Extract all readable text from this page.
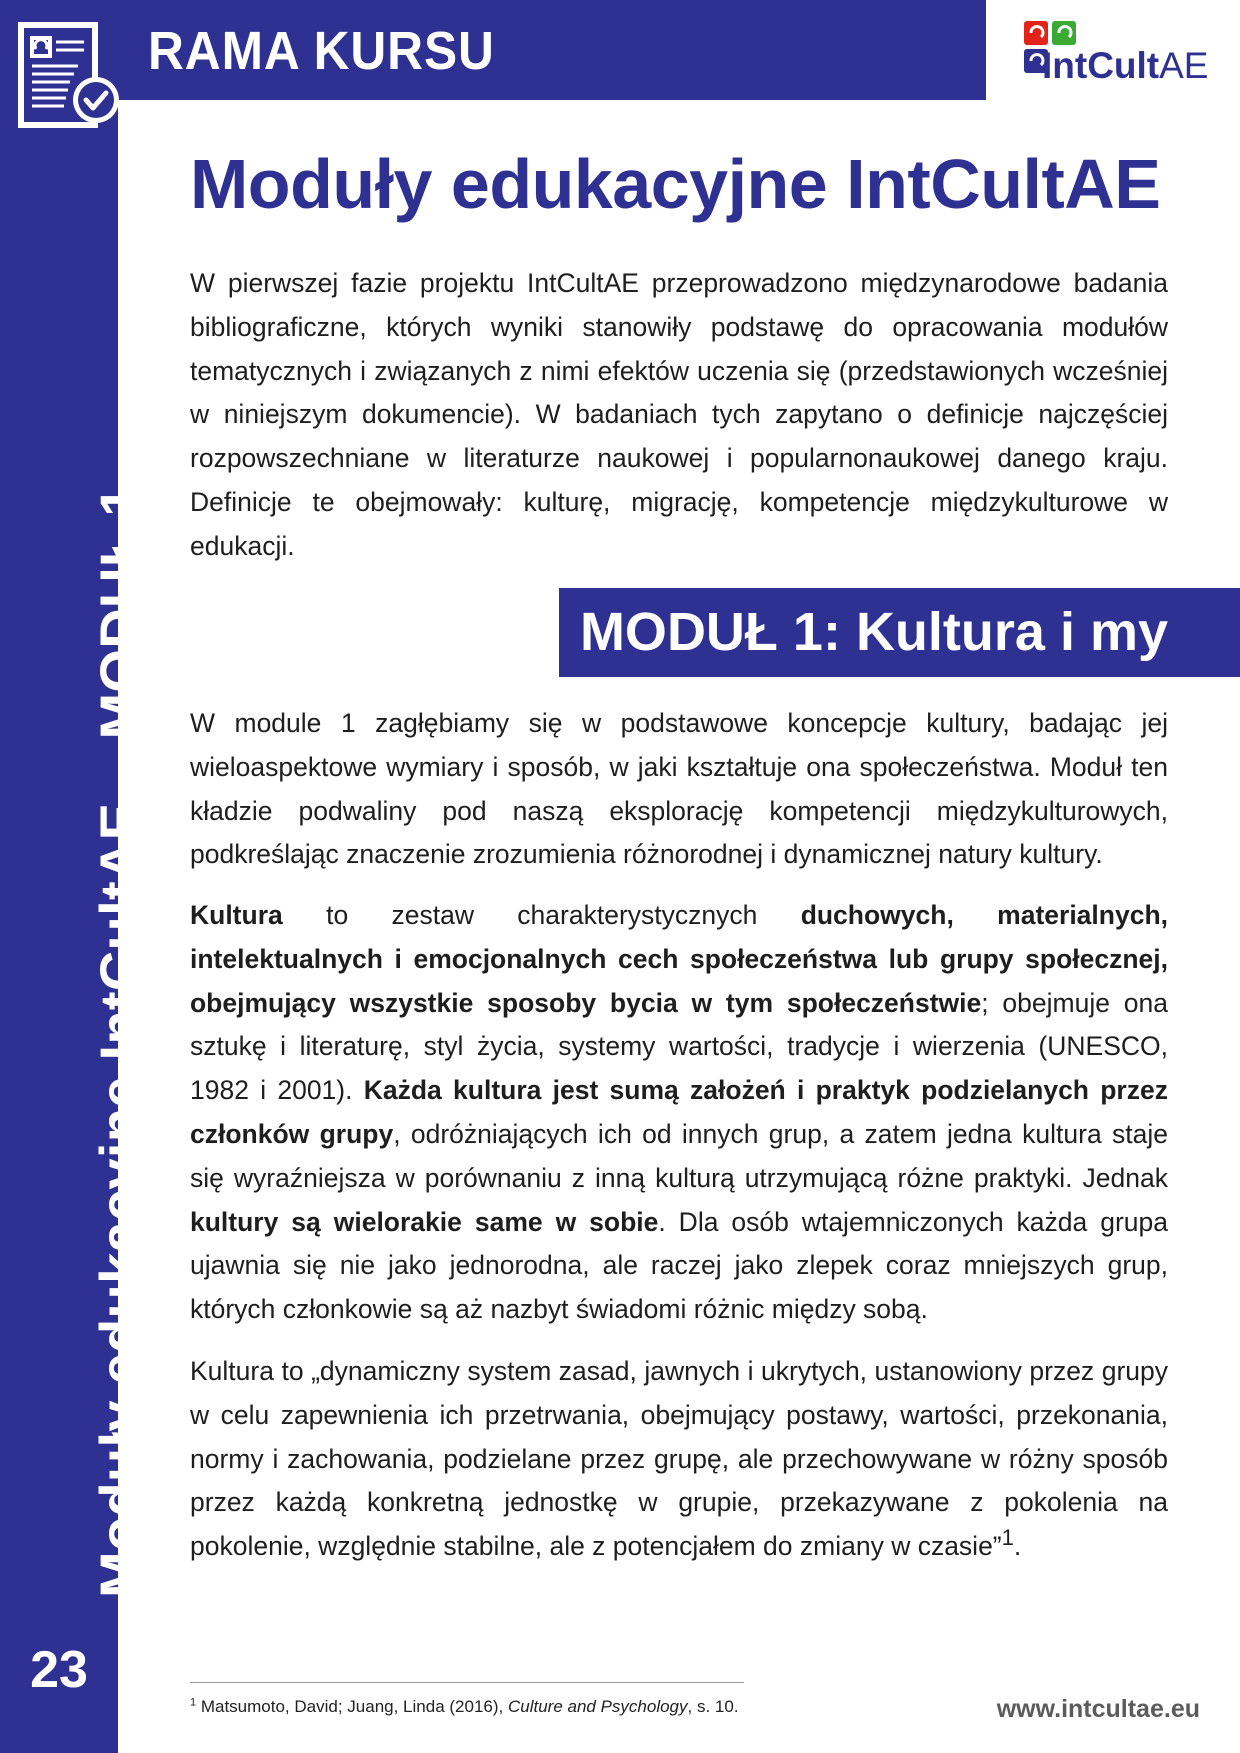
RAMA KURSU	IntCultAE
Moduły edukacyjne IntCultAE – MODUŁ 1
23
Moduły edukacyjne IntCultAE

W pierwszej fazie projektu IntCultAE przeprowadzono międzynarodowe badania bibliograficzne, których wyniki stanowiły podstawę do opracowania modułów tematycznych i związanych z nimi efektów uczenia się (przedstawionych wcześniej w niniejszym dokumencie). W badaniach tych zapytano o definicje najczęściej rozpowszechniane w literaturze naukowej i popularnonaukowej danego kraju. Definicje te obejmowały: kulturę, migrację, kompetencje międzykulturowe w edukacji.

MODUŁ 1: Kultura i my

W module 1 zagłębiamy się w podstawowe koncepcje kultury, badając jej wieloaspektowe wymiary i sposób, w jaki kształtuje ona społeczeństwa. Moduł ten kładzie podwaliny pod naszą eksplorację kompetencji międzykulturowych, podkreślając znaczenie zrozumienia różnorodnej i dynamicznej natury kultury.

Kultura to zestaw charakterystycznych duchowych, materialnych, intelektualnych i emocjonalnych cech społeczeństwa lub grupy społecznej, obejmujący wszystkie sposoby bycia w tym społeczeństwie; obejmuje ona sztukę i literaturę, styl życia, systemy wartości, tradycje i wierzenia (UNESCO, 1982 i 2001). Każda kultura jest sumą założeń i praktyk podzielanych przez członków grupy, odróżniających ich od innych grup, a zatem jedna kultura staje się wyraźniejsza w porównaniu z inną kulturą utrzymującą różne praktyki. Jednak kultury są wielorakie same w sobie. Dla osób wtajemniczonych każda grupa ujawnia się nie jako jednorodna, ale raczej jako zlepek coraz mniejszych grup, których członkowie są aż nazbyt świadomi różnic między sobą.

Kultura to „dynamiczny system zasad, jawnych i ukrytych, ustanowiony przez grupy w celu zapewnienia ich przetrwania, obejmujący postawy, wartości, przekonania, normy i zachowania, podzielane przez grupę, ale przechowywane w różny sposób przez każdą konkretną jednostkę w grupie, przekazywane z pokolenia na pokolenie, względnie stabilne, ale z potencjałem do zmiany w czasie”$^1$.

$^1$ Matsumoto, David; Juang, Linda (2016), Culture and Psychology, s. 10.	www.intcultae.eu
